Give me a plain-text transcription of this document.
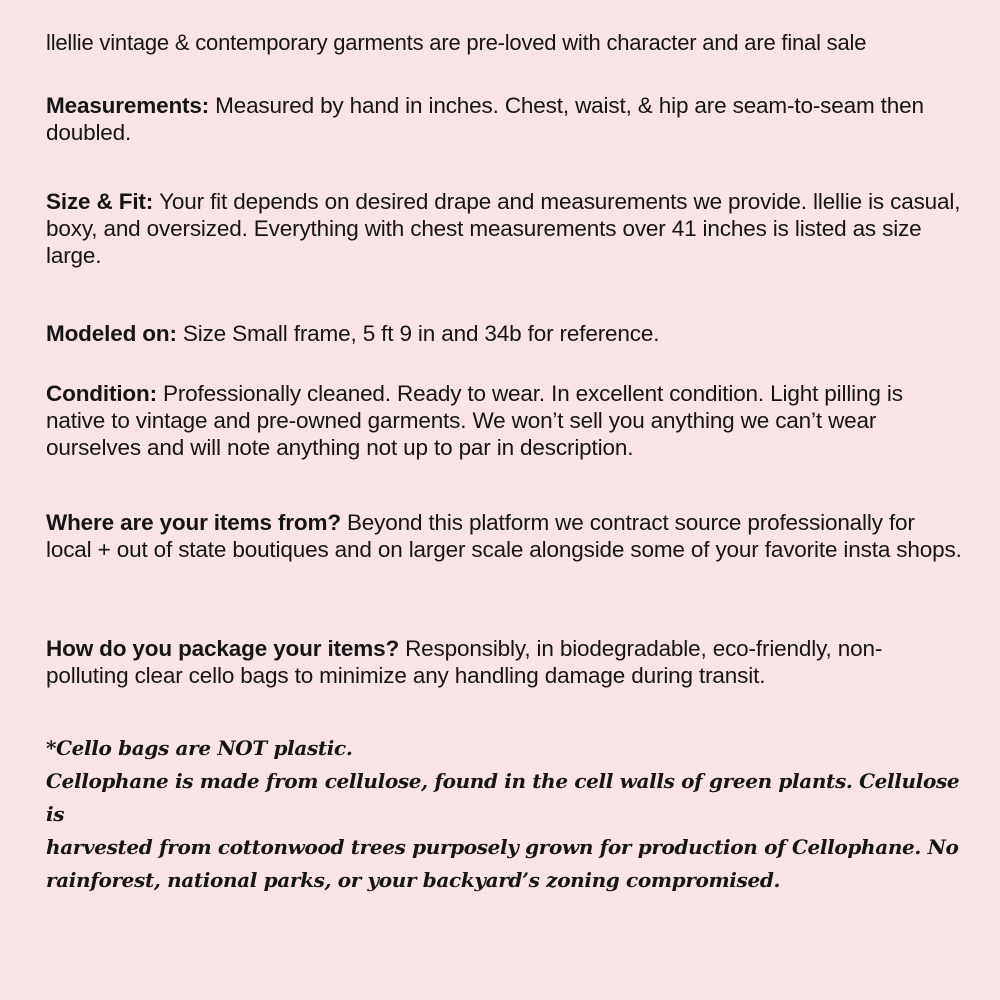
llellie vintage & contemporary garments are pre-loved with character and are final sale
Measurements: Measured by hand in inches. Chest, waist, & hip are seam-to-seam then doubled.
Size & Fit: Your fit depends on desired drape and measurements we provide. llellie is casual, boxy, and oversized. Everything with chest measurements over 41 inches is listed as size large.
Modeled on: Size Small frame, 5 ft 9 in and 34b for reference.
Condition: Professionally cleaned. Ready to wear. In excellent condition. Light pilling is native to vintage and pre-owned garments. We won’t sell you anything we can’t wear ourselves and will note anything not up to par in description.
Where are your items from? Beyond this platform we contract source professionally for local + out of state boutiques and on larger scale alongside some of your favorite insta shops.
How do you package your items? Responsibly, in biodegradable, eco-friendly, non-polluting clear cello bags to minimize any handling damage during transit.
*Cello bags are NOT plastic.
Cellophane is made from cellulose, found in the cell walls of green plants. Cellulose is
harvested from cottonwood trees purposely grown for production of Cellophane. No
rainforest, national parks, or your backyard’s zoning compromised.
